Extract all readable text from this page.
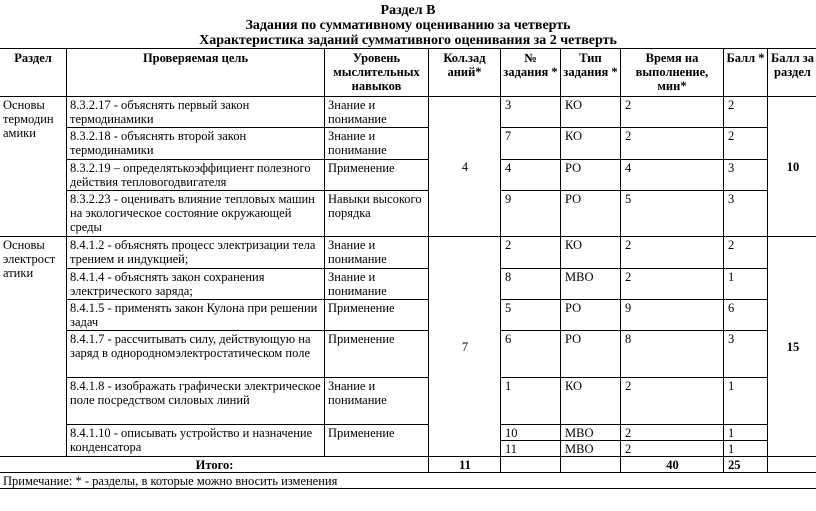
Раздел В
Задания по суммативному оцениванию за четверть
Характеристика заданий суммативного оценивания за 2 четверть
Раздел	Проверяемая цель	Уровень мыслительных навыков	Кол.зад аний*	№ задания *	Тип задания *	Время на выполнение, мин*	Балл *	Балл за раздел
Основы термодин амики	8.3.2.17 - объяснять первый закон термодинамики	Знание и понимание	4	3	КО	2	2	10
	8.3.2.18 - объяснять второй закон термодинамики	Знание и понимание		7	КО	2	2	
	8.3.2.19 – определятькоэффициент полезного действия тепловогодвигателя	Применение		4	РО	4	3	
	8.3.2.23 - оценивать влияние тепловых машин на экологическое состояние окружающей среды	Навыки высокого порядка		9	РО	5	3	
Основы электрост атики	8.4.1.2 - объяснять процесс электризации тела трением и индукцией;	Знание и понимание	7	2	КО	2	2	15
	8.4.1.4 - объяснять закон сохранения электрического заряда;	Знание и понимание		8	МВО	2	1	
	8.4.1.5 - применять закон Кулона при решении задач	Применение		5	РО	9	6	
	8.4.1.7 - рассчитывать силу, действующую на заряд в однородномэлектростатическом поле	Применение		6	РО	8	3	
	8.4.1.8 - изображать графически электрическое поле посредством силовых линий	Знание и понимание		1	КО	2	1	
	8.4.1.10 - описывать устройство и назначение конденсатора	Применение		10	МВО	2	1	
				11	МВО	2	1	
Итого:			11			40	25	
Примечание: * - разделы, в которые можно вносить изменения								
